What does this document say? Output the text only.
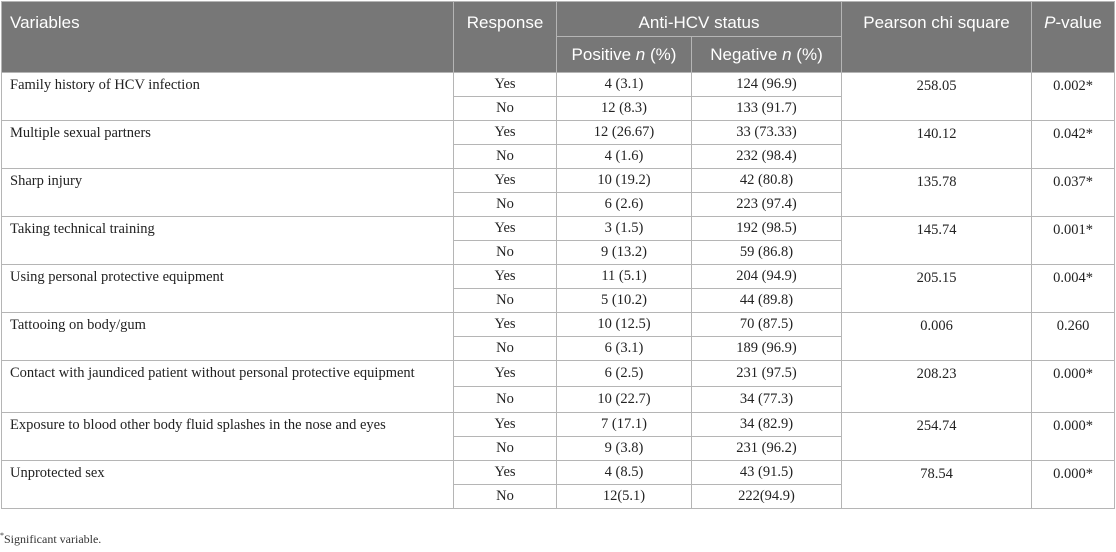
Variables	Response	Anti-HCV status		Pearson chi square	P-value
		Positive n (%)	Negative n (%)		
Family history of HCV infection	Yes	4 (3.1)	124 (96.9)	258.05	0.002*
	No	12 (8.3)	133 (91.7)		
Multiple sexual partners	Yes	12 (26.67)	33 (73.33)	140.12	0.042*
	No	4 (1.6)	232 (98.4)		
Sharp injury	Yes	10 (19.2)	42 (80.8)	135.78	0.037*
	No	6 (2.6)	223 (97.4)		
Taking technical training	Yes	3 (1.5)	192 (98.5)	145.74	0.001*
	No	9 (13.2)	59 (86.8)		
Using personal protective equipment	Yes	11 (5.1)	204 (94.9)	205.15	0.004*
	No	5 (10.2)	44 (89.8)		
Tattooing on body/gum	Yes	10 (12.5)	70 (87.5)	0.006	0.260
	No	6 (3.1)	189 (96.9)		
Contact with jaundiced patient without personal protective equipment	Yes	6 (2.5)	231 (97.5)	208.23	0.000*
	No	10 (22.7)	34 (77.3)		
Exposure to blood other body fluid splashes in the nose and eyes	Yes	7 (17.1)	34 (82.9)	254.74	0.000*
	No	9 (3.8)	231 (96.2)		
Unprotected sex	Yes	4 (8.5)	43 (91.5)	78.54	0.000*
	No	12(5.1)	222(94.9)		
*Significant variable.
